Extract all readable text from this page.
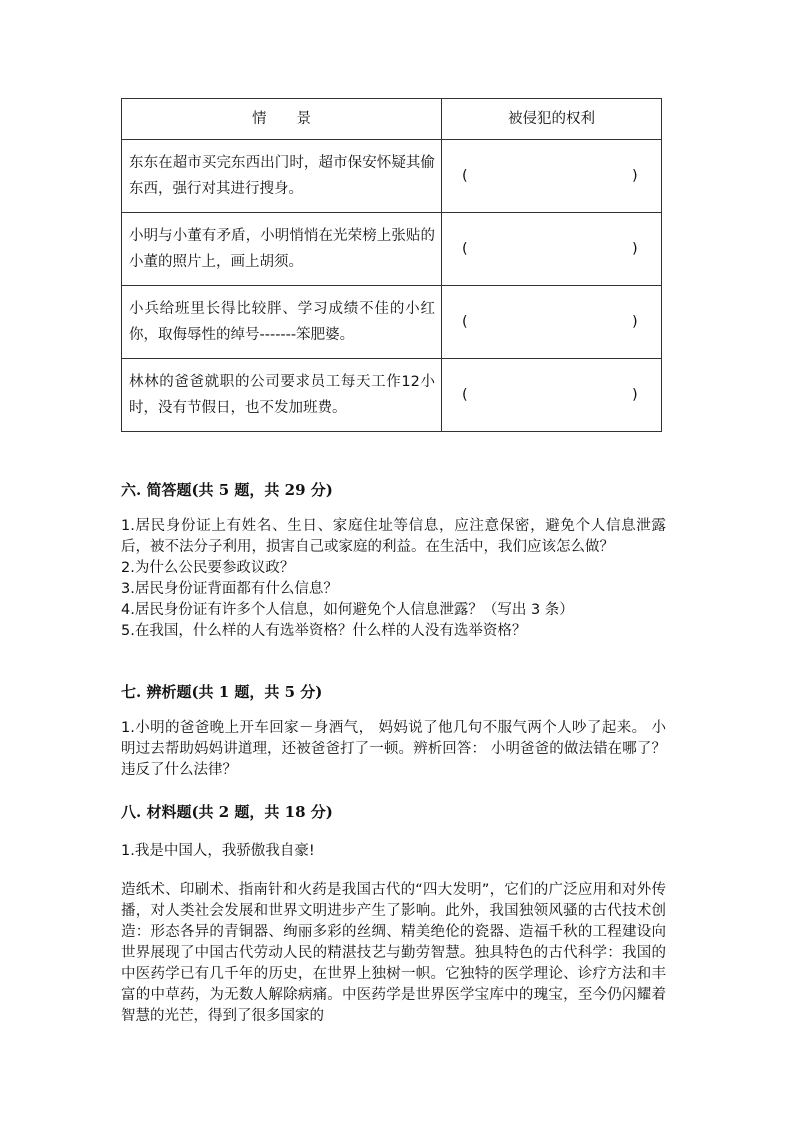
情景	被侵犯的权利
东东在超市买完东西出门时，超市保安怀疑其偷东西，强行对其进行搜身。	( )

小明与小董有矛盾，小明悄悄在光荣榜上张贴的小董的照片上，画上胡须。	( )

小兵给班里长得比较胖、学习成绩不佳的小红你，取侮辱性的绰号-------笨肥婆。	( )

林林的爸爸就职的公司要求员工每天工作12小时，没有节假日，也不发加班费。	( )
六. 简答题(共 5 题，共 29 分)
1.居民身份证上有姓名、生日、家庭住址等信息，应注意保密，避免个人信息泄露后，被不法分子利用，损害自己或家庭的利益。在生活中，我们应该怎么做？
2.为什么公民要参政议政？
3.居民身份证背面都有什么信息？
4.居民身份证有许多个人信息，如何避免个人信息泄露？（写出 3 条）
5.在我国，什么样的人有选举资格？什么样的人没有选举资格？
七. 辨析题(共 1 题，共 5 分)
1.小明的爸爸晚上开车回家－身酒气， 妈妈说了他几句不服气两个人吵了起来。 小明过去帮助妈妈讲道理，还被爸爸打了一顿。辨析回答： 小明爸爸的做法错在哪了？ 违反了什么法律？
八. 材料题(共 2 题，共 18 分)
1.我是中国人，我骄傲我自豪!
造纸术、印刷术、指南针和火药是我国古代的“四大发明”，它们的广泛应用和对外传播，对人类社会发展和世界文明进步产生了影响。此外，我国独领风骚的古代技术创造：形态各异的青铜器、绚丽多彩的丝绸、精美绝伦的瓷器、造福千秋的工程建设向世界展现了中国古代劳动人民的精湛技艺与勤劳智慧。独具特色的古代科学：我国的中医药学已有几千年的历史，在世界上独树一帜。它独特的医学理论、诊疗方法和丰富的中草药，为无数人解除病痛。中医药学是世界医学宝库中的瑰宝，至今仍闪耀着智慧的光芒，得到了很多国家的
